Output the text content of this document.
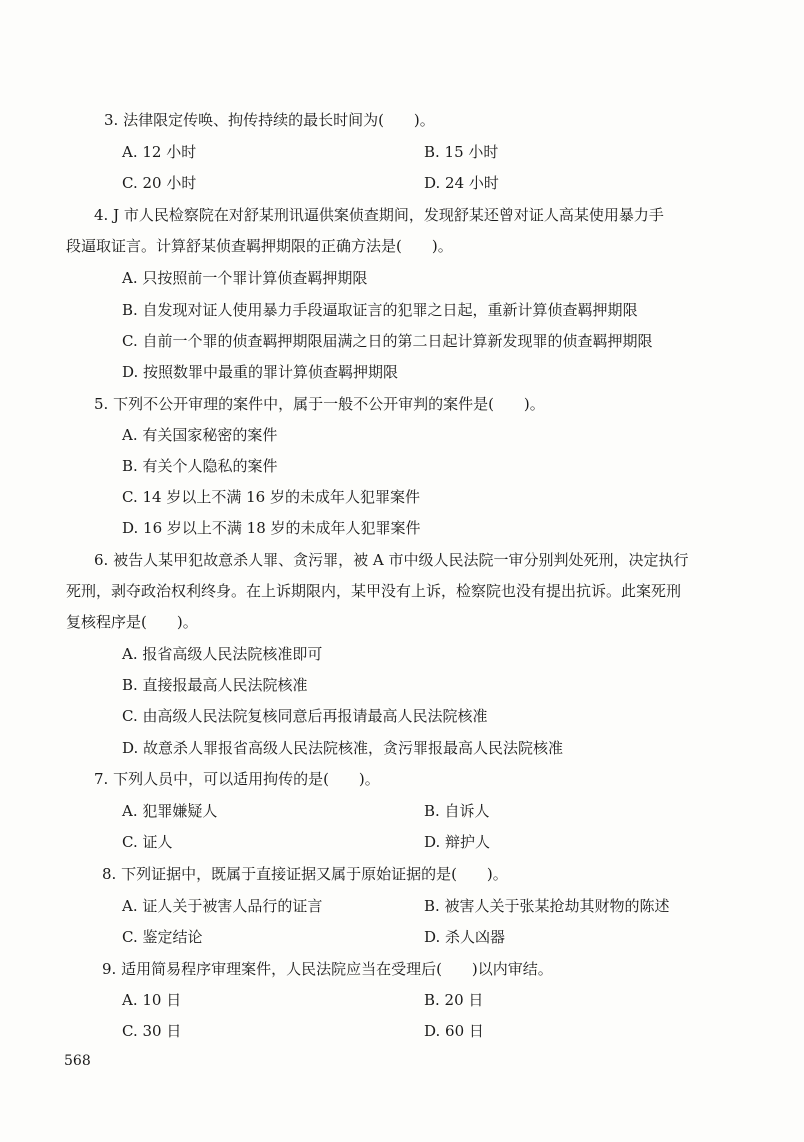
3. 法律限定传唤、拘传持续的最长时间为(　　)。
A. 12 小时	B. 15 小时
C. 20 小时	D. 24 小时
4. J 市人民检察院在对舒某刑讯逼供案侦查期间，发现舒某还曾对证人高某使用暴力手
段逼取证言。计算舒某侦查羁押期限的正确方法是(　　)。
A. 只按照前一个罪计算侦查羁押期限
B. 自发现对证人使用暴力手段逼取证言的犯罪之日起，重新计算侦查羁押期限
C. 自前一个罪的侦查羁押期限届满之日的第二日起计算新发现罪的侦查羁押期限
D. 按照数罪中最重的罪计算侦查羁押期限
5. 下列不公开审理的案件中，属于一般不公开审判的案件是(　　)。
A. 有关国家秘密的案件
B. 有关个人隐私的案件
C. 14 岁以上不满 16 岁的未成年人犯罪案件
D. 16 岁以上不满 18 岁的未成年人犯罪案件
6. 被告人某甲犯故意杀人罪、贪污罪，被 A 市中级人民法院一审分别判处死刑，决定执行
死刑，剥夺政治权利终身。在上诉期限内，某甲没有上诉，检察院也没有提出抗诉。此案死刑
复核程序是(　　)。
A. 报省高级人民法院核准即可
B. 直接报最高人民法院核准
C. 由高级人民法院复核同意后再报请最高人民法院核准
D. 故意杀人罪报省高级人民法院核准，贪污罪报最高人民法院核准
7. 下列人员中，可以适用拘传的是(　　)。
A. 犯罪嫌疑人	B. 自诉人
C. 证人	D. 辩护人
8. 下列证据中，既属于直接证据又属于原始证据的是(　　)。
A. 证人关于被害人品行的证言	B. 被害人关于张某抢劫其财物的陈述
C. 鉴定结论	D. 杀人凶器
9. 适用简易程序审理案件，人民法院应当在受理后(　　)以内审结。
A. 10 日	B. 20 日
C. 30 日	D. 60 日
568
